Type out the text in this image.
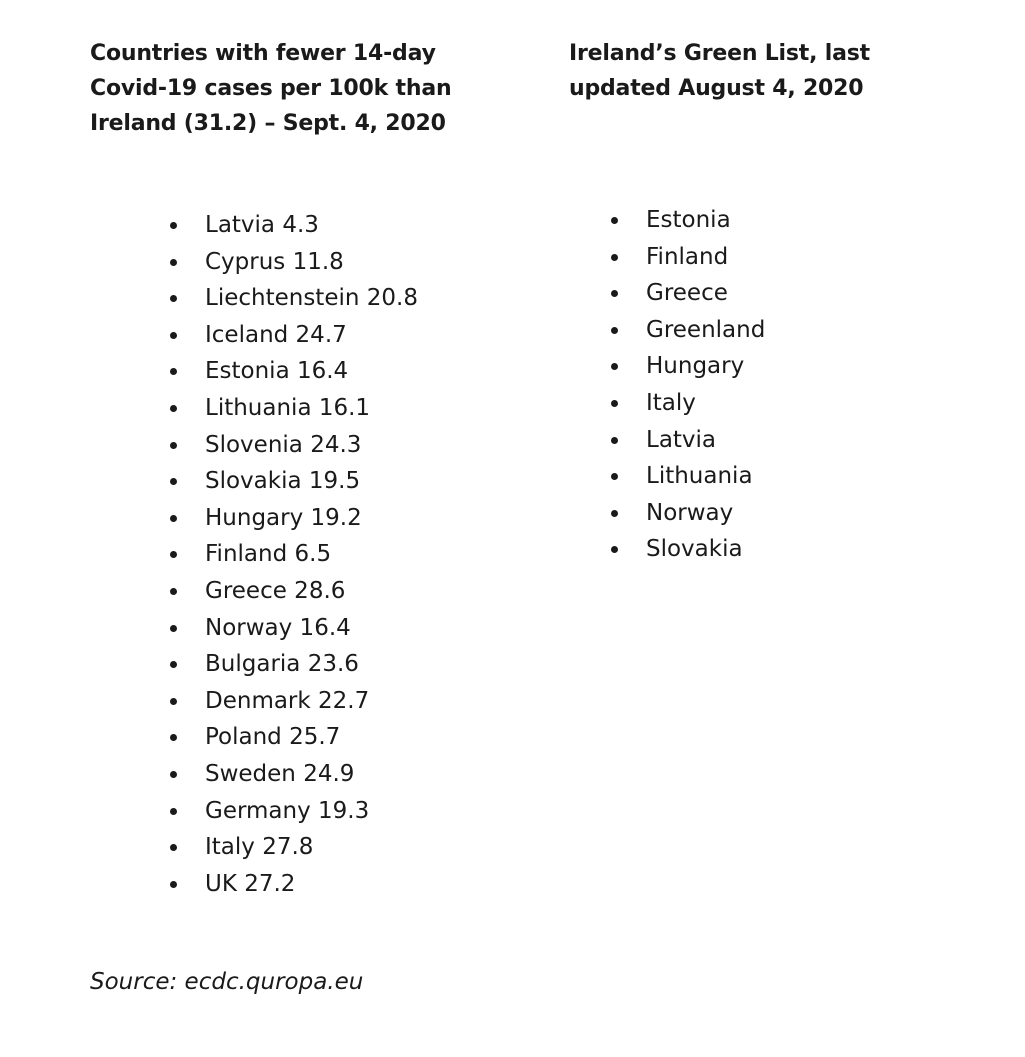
Countries with fewer 14-day
Covid-19 cases per 100k than
Ireland (31.2) – Sept. 4, 2020
Ireland’s Green List, last
updated August 4, 2020
Latvia 4.3
Cyprus 11.8
Liechtenstein 20.8
Iceland 24.7
Estonia 16.4
Lithuania 16.1
Slovenia 24.3
Slovakia 19.5
Hungary 19.2
Finland 6.5
Greece 28.6
Norway 16.4
Bulgaria 23.6
Denmark 22.7
Poland 25.7
Sweden 24.9
Germany 19.3
Italy 27.8
UK 27.2
Estonia
Finland
Greece
Greenland
Hungary
Italy
Latvia
Lithuania
Norway
Slovakia

Source: ecdc.quropa.eu
